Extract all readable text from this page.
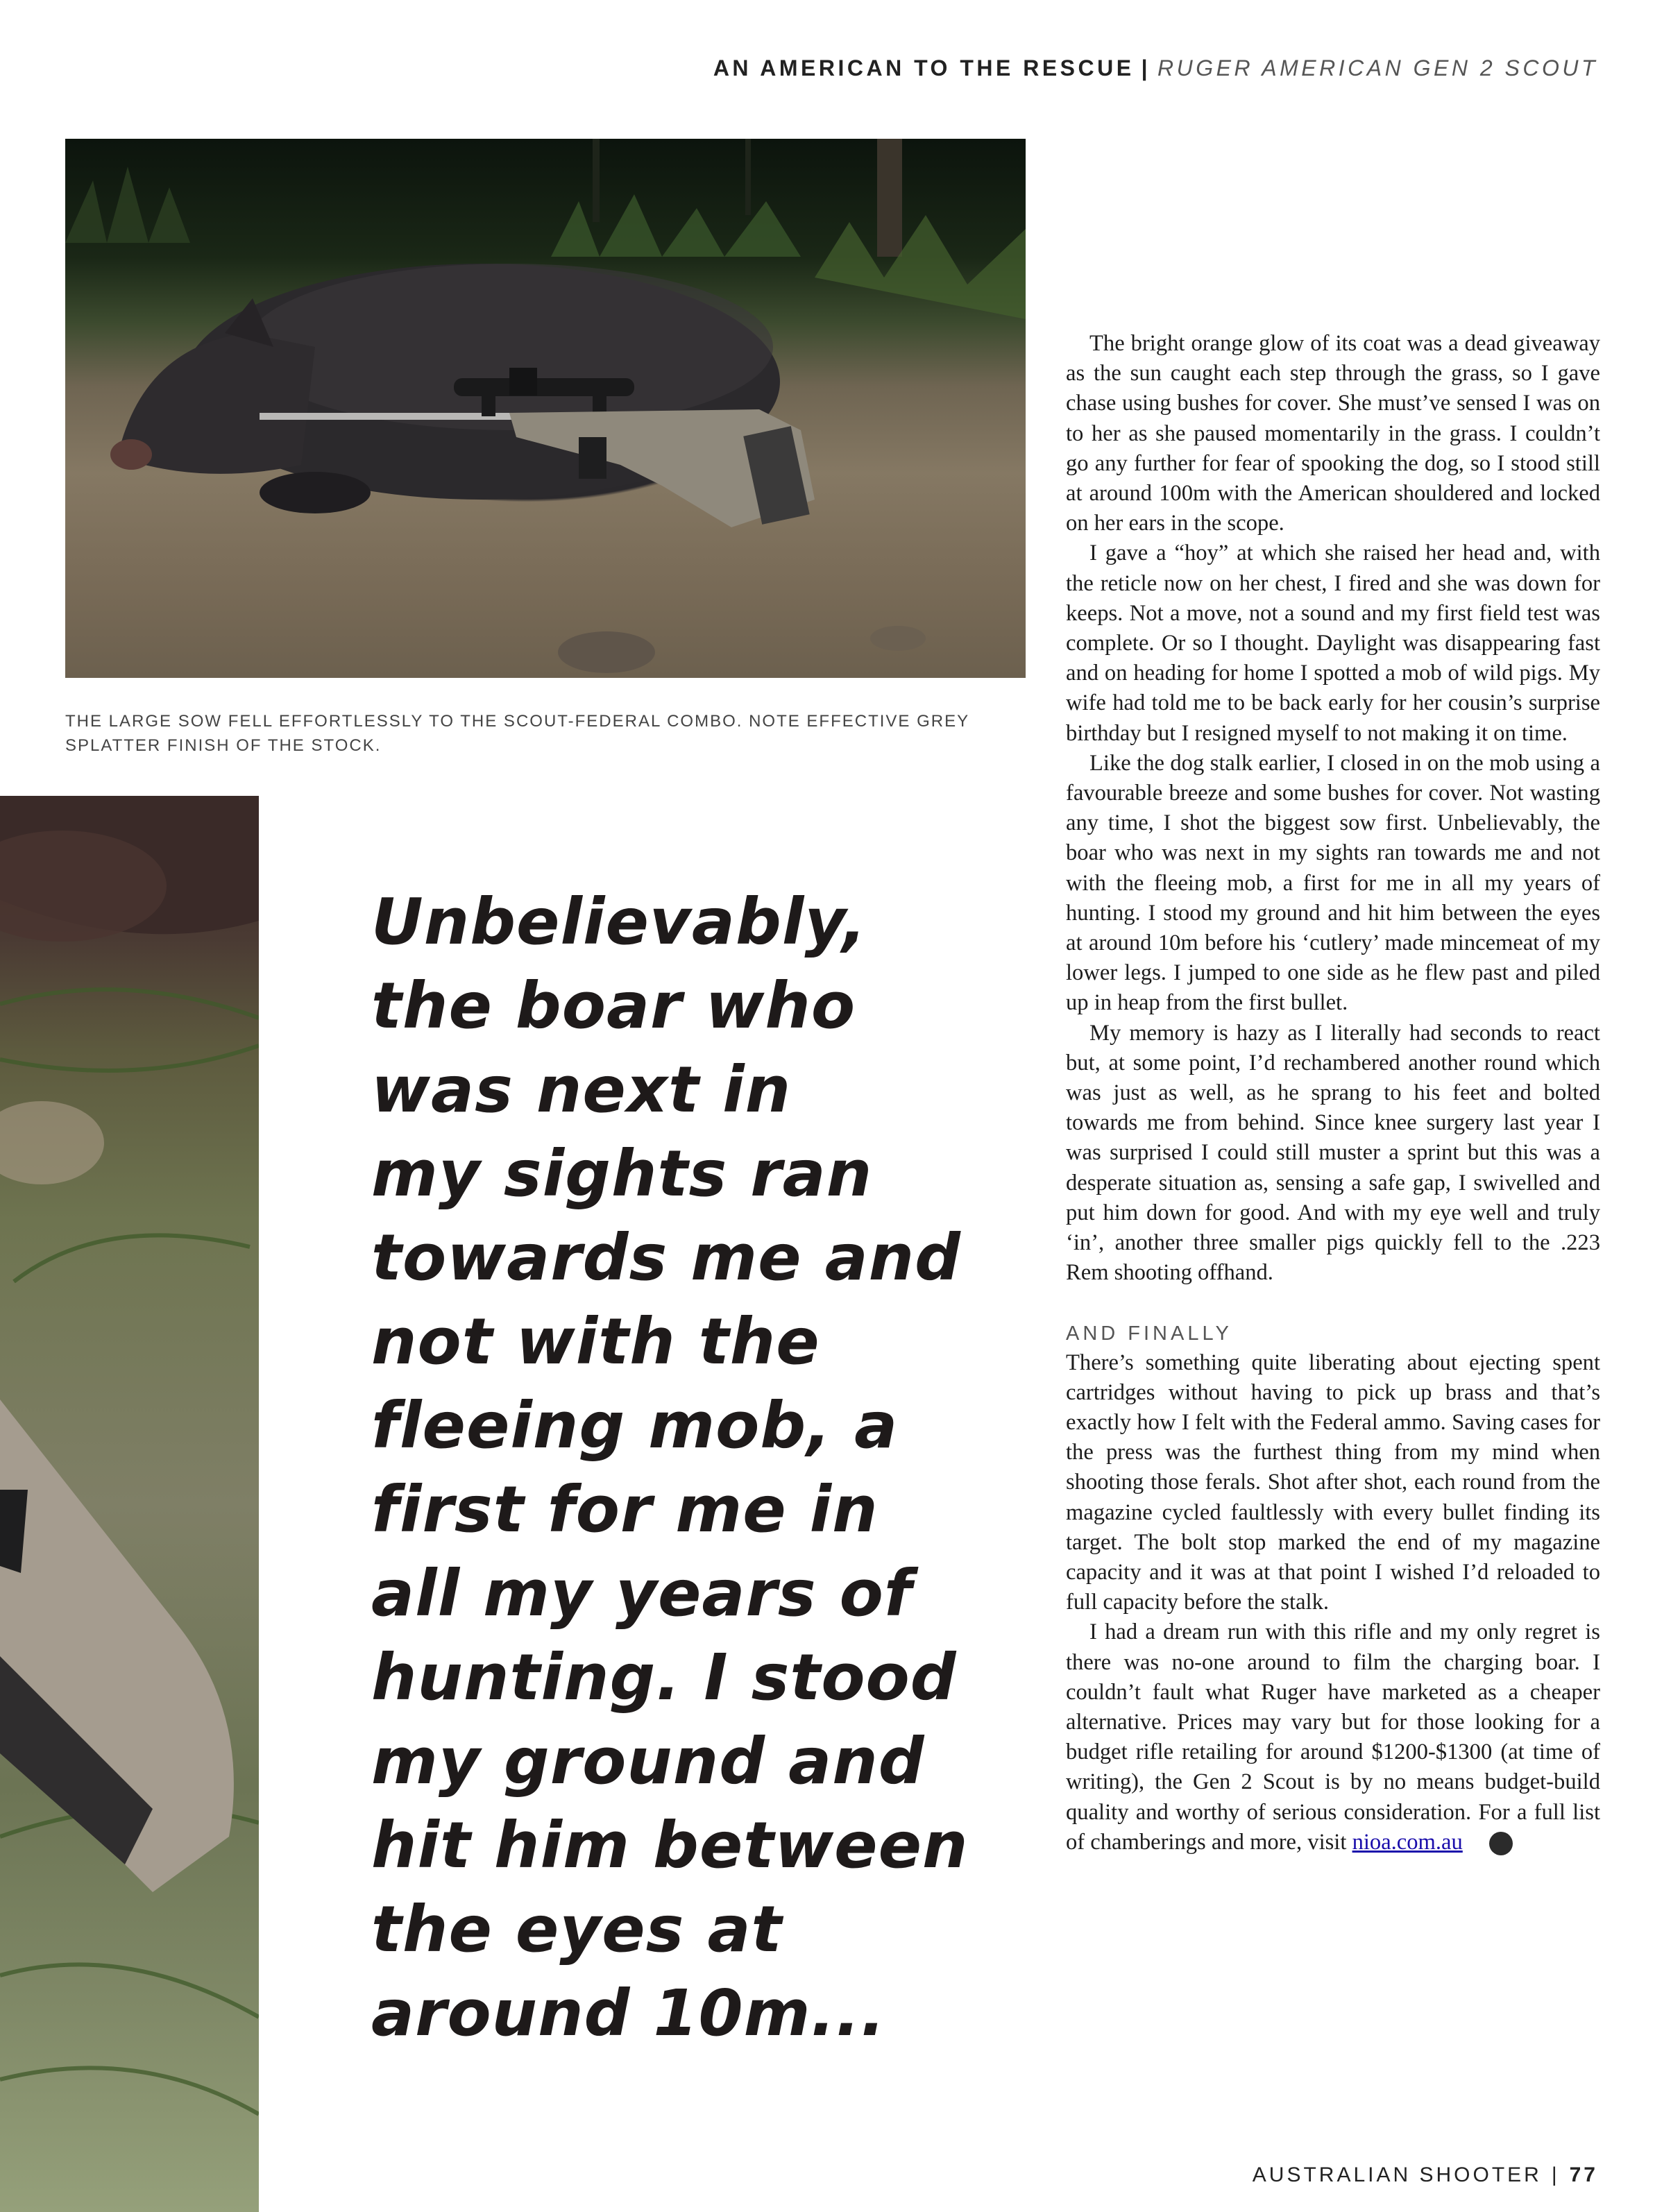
AN AMERICAN TO THE RESCUE | RUGER AMERICAN GEN 2 SCOUT
THE LARGE SOW FELL EFFORTLESSLY TO THE SCOUT-FEDERAL COMBO. NOTE EFFECTIVE GREY SPLATTER FINISH OF THE STOCK.
Unbelievably,
the boar who
was next in
my sights ran
towards me and
not with the
fleeing mob, a
first for me in
all my years of
hunting. I stood
my ground and
hit him between
the eyes at
around 10m...

The bright orange glow of its coat was a dead giveaway as the sun caught each step through the grass, so I gave chase using bushes for cover. She must’ve sensed I was on to her as she paused momentarily in the grass. I couldn’t go any further for fear of spooking the dog, so I stood still at around 100m with the American shouldered and locked on her ears in the scope.

I gave a “hoy” at which she raised her head and, with the reticle now on her chest, I fired and she was down for keeps. Not a move, not a sound and my first field test was complete. Or so I thought. Daylight was disappearing fast and on heading for home I spotted a mob of wild pigs. My wife had told me to be back early for her cousin’s surprise birthday but I resigned myself to not making it on time.

Like the dog stalk earlier, I closed in on the mob using a favourable breeze and some bushes for cover. Not wasting any time, I shot the biggest sow first. Unbelievably, the boar who was next in my sights ran towards me and not with the fleeing mob, a first for me in all my years of hunting. I stood my ground and hit him between the eyes at around 10m before his ‘cutlery’ made mincemeat of my lower legs. I jumped to one side as he flew past and piled up in heap from the first bullet.

My memory is hazy as I literally had seconds to react but, at some point, I’d rechambered another round which was just as well, as he sprang to his feet and bolted towards me from behind. Since knee surgery last year I was surprised I could still muster a sprint but this was a desperate situation as, sensing a safe gap, I swivelled and put him down for good. And with my eye well and truly ‘in’, another three smaller pigs quickly fell to the .223 Rem shooting offhand.

AND FINALLY

There’s something quite liberating about ejecting spent cartridges without having to pick up brass and that’s exactly how I felt with the Federal ammo. Saving cases for the press was the furthest thing from my mind when shooting those ferals. Shot after shot, each round from the magazine cycled faultlessly with every bullet finding its target. The bolt stop marked the end of my magazine capacity and it was at that point I wished I’d reloaded to full capacity before the stalk.

I had a dream run with this rifle and my only regret is there was no-one around to film the charging boar. I couldn’t fault what Ruger have marketed as a cheaper alternative. Prices may vary but for those looking for a budget rifle retailing for around $1200-$1300 (at time of writing), the Gen 2 Scout is by no means budget-build quality and worthy of serious consideration. For a full list of chamberings and more, visit nioa.com.au

AUSTRALIAN SHOOTER | 77
